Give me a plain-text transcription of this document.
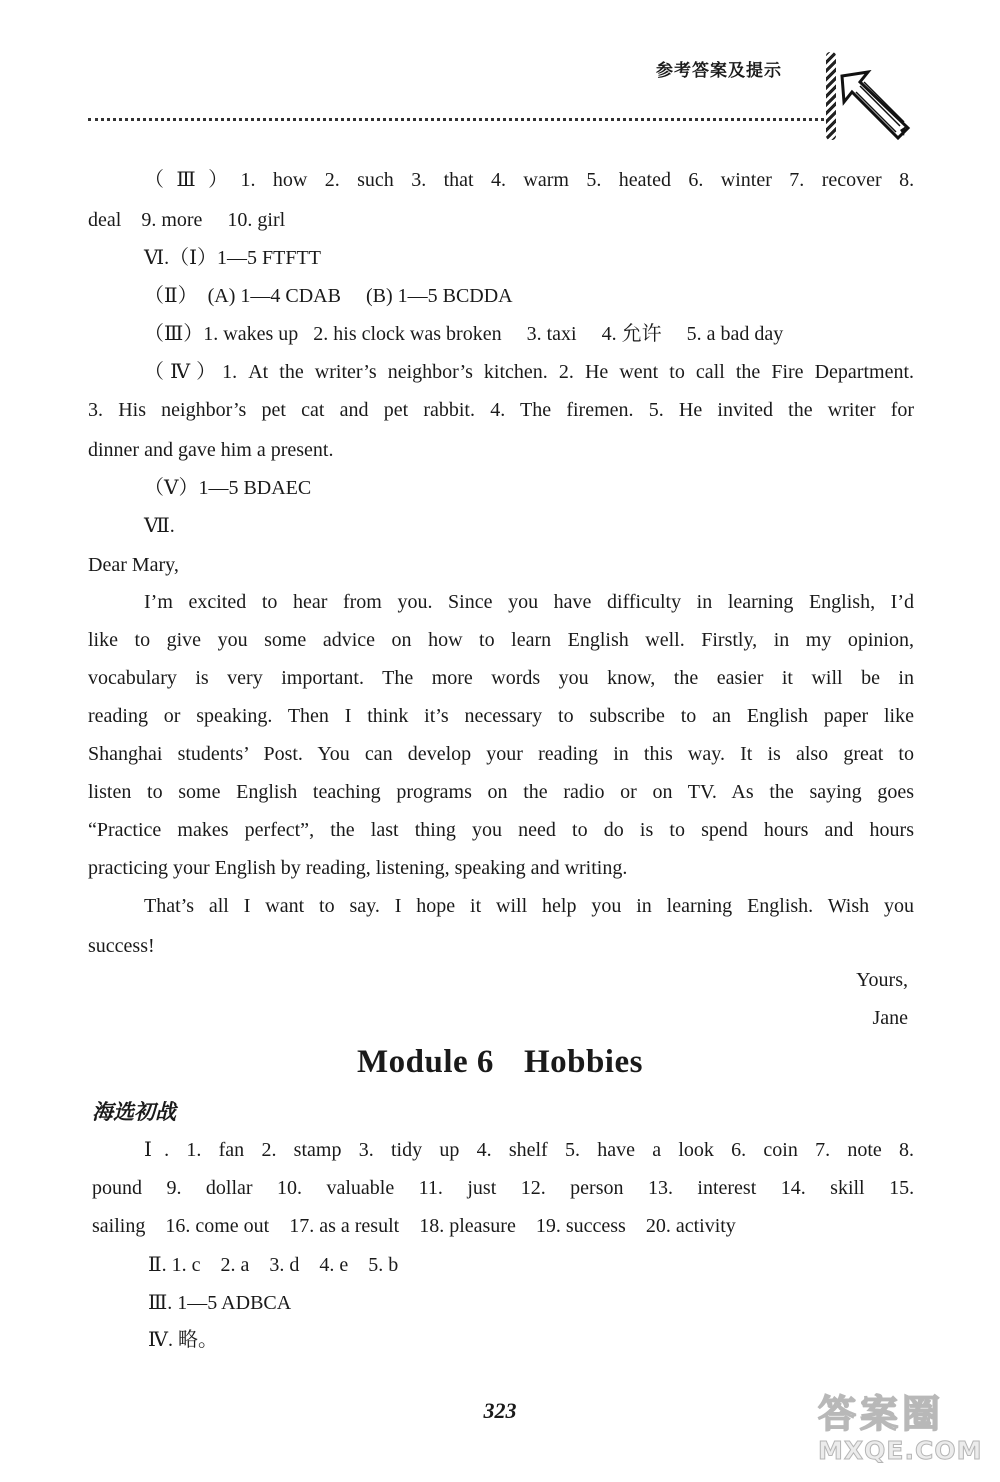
参考答案及提示
（Ⅲ）1. how 2. such 3. that 4. warm 5. heated 6. winter 7. recover 8.
deal 9. more 10. girl
Ⅵ.（Ⅰ）1—5 FTFTT
（Ⅱ） (A) 1—4 CDAB (B) 1—5 BCDDA
（Ⅲ）1. wakes up 2. his clock was broken 3. taxi 4. 允许 5. a bad day
（Ⅳ）1. At the writer’s neighbor’s kitchen. 2. He went to call the Fire Department.
3. His neighbor’s pet cat and pet rabbit. 4. The firemen. 5. He invited the writer for
dinner and gave him a present.
（Ⅴ）1—5 BDAEC
Ⅶ.
Dear Mary,
I’m excited to hear from you. Since you have difficulty in learning English, I’d
like to give you some advice on how to learn English well. Firstly, in my opinion,
vocabulary is very important. The more words you know, the easier it will be in
reading or speaking. Then I think it’s necessary to subscribe to an English paper like
Shanghai students’ Post. You can develop your reading in this way. It is also great to
listen to some English teaching programs on the radio or on TV. As the saying goes
“Practice makes perfect”, the last thing you need to do is to spend hours and hours
practicing your English by reading, listening, speaking and writing.
That’s all I want to say. I hope it will help you in learning English. Wish you
success!
Yours,
Jane
Module 6 Hobbies
海选初战
Ⅰ. 1. fan 2. stamp 3. tidy up 4. shelf 5. have a look 6. coin 7. note 8.
pound 9. dollar 10. valuable 11. just 12. person 13. interest 14. skill 15.
sailing 16. come out 17. as a result 18. pleasure 19. success 20. activity
Ⅱ. 1. c 2. a 3. d 4. e 5. b
Ⅲ. 1—5 ADBCA
Ⅳ. 略。
323	答案圈
MXQE.COM
